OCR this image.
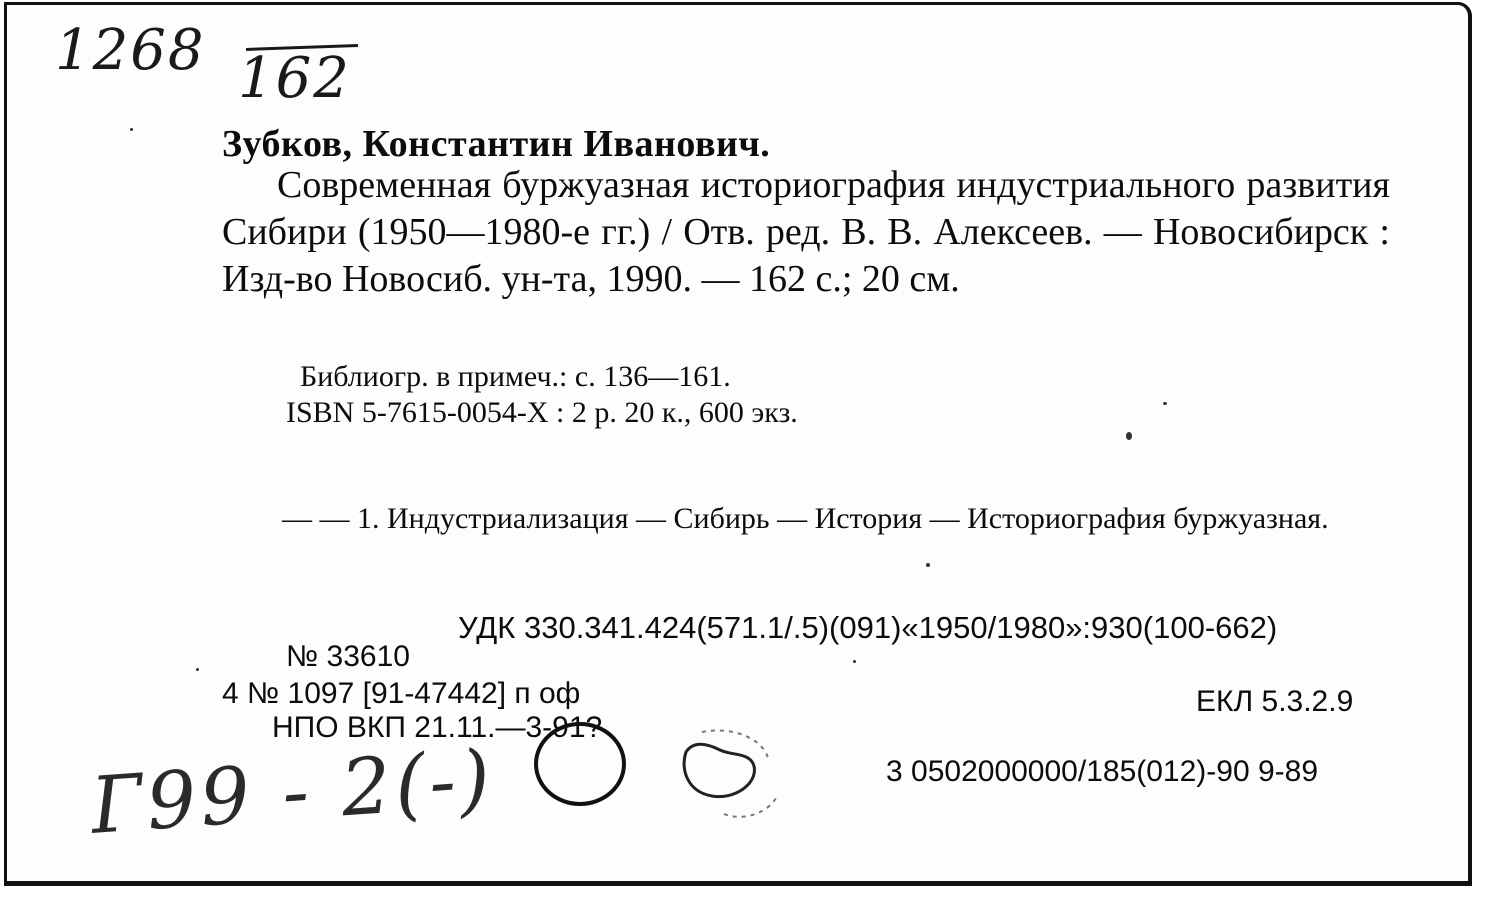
1268 162
Зубков, Константин Иванович.

Современная буржуазная историография индустриального развития Сибири (1950—1980-е гг.) / Отв. ред. В. В. Алексеев. — Новосибирск : Изд-во Новосиб. ун-та, 1990. — 162 с.; 20 см.

Библиогр. в примеч.: с. 136—161.
ISBN 5-7615-0054-X : 2 р. 20 к., 600 экз.

— — 1. Индустриализация — Сибирь — История — Историография буржуазная.

УДК 330.341.424(571.1/.5)(091)«1950/1980»:930(100-662)
№ 33610
4 № 1097 [91-47442] п оф	ЕКЛ 5.3.2.9
НПО ВКП 21.11.—3-91?
3 0502000000/185(012)-90 9-89
Г99 - 2(-)
